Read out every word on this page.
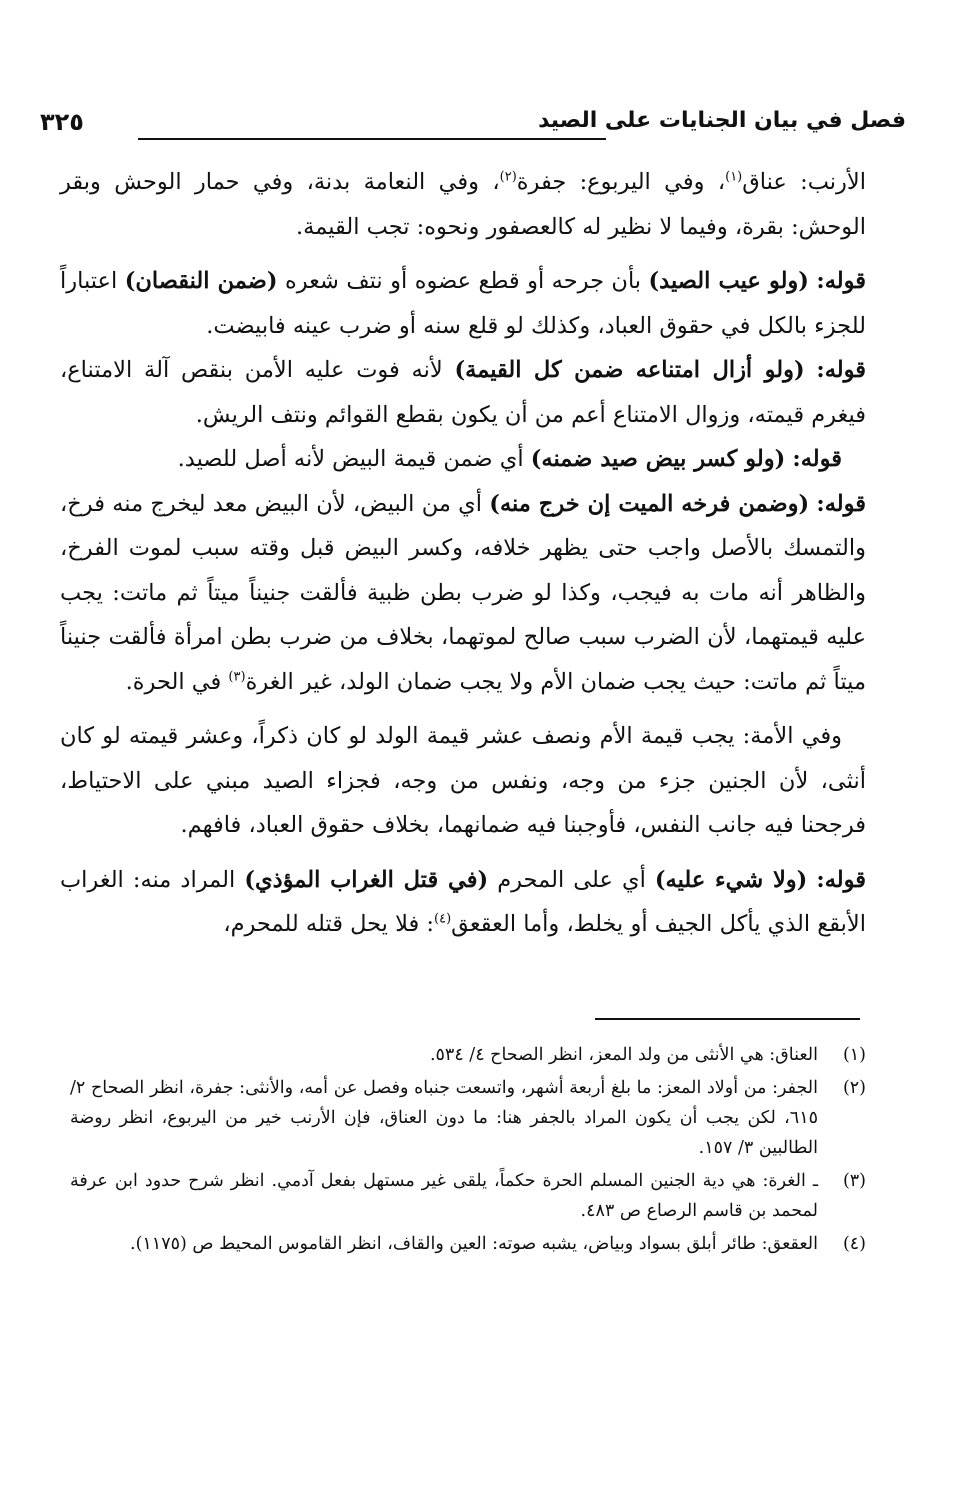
فصل في بيان الجنايات على الصيد
٣٢٥

الأرنب: عناق$^{(١)}$، وفي اليربوع: جفرة$^{(٢)}$، وفي النعامة بدنة، وفي حمار الوحش وبقر الوحش: بقرة، وفيما لا نظير له كالعصفور ونحوه: تجب القيمة.

قوله: (ولو عيب الصيد) بأن جرحه أو قطع عضوه أو نتف شعره (ضمن النقصان) اعتباراً للجزء بالكل في حقوق العباد، وكذلك لو قلع سنه أو ضرب عينه فابيضت.

قوله: (ولو أزال امتناعه ضمن كل القيمة) لأنه فوت عليه الأمن بنقص آلة الامتناع، فيغرم قيمته، وزوال الامتناع أعم من أن يكون بقطع القوائم ونتف الريش.

قوله: (ولو كسر بيض صيد ضمنه) أي ضمن قيمة البيض لأنه أصل للصيد.

قوله: (وضمن فرخه الميت إن خرج منه) أي من البيض، لأن البيض معد ليخرج منه فرخ، والتمسك بالأصل واجب حتى يظهر خلافه، وكسر البيض قبل وقته سبب لموت الفرخ، والظاهر أنه مات به فيجب، وكذا لو ضرب بطن ظبية فألقت جنيناً ميتاً ثم ماتت: يجب عليه قيمتهما، لأن الضرب سبب صالح لموتهما، بخلاف من ضرب بطن امرأة فألقت جنيناً ميتاً ثم ماتت: حيث يجب ضمان الأم ولا يجب ضمان الولد، غير الغرة$^{(٣)}$ في الحرة.

وفي الأمة: يجب قيمة الأم ونصف عشر قيمة الولد لو كان ذكراً، وعشر قيمته لو كان أنثى، لأن الجنين جزء من وجه، ونفس من وجه، فجزاء الصيد مبني على الاحتياط، فرجحنا فيه جانب النفس، فأوجبنا فيه ضمانهما، بخلاف حقوق العباد، فافهم.

قوله: (ولا شيء عليه) أي على المحرم (في قتل الغراب المؤذي) المراد منه: الغراب الأبقع الذي يأكل الجيف أو يخلط، وأما العقعق$^{(٤)}$: فلا يحل قتله للمحرم،

(١)
العناق: هي الأنثى من ولد المعز، انظر الصحاح ٤/ ٥٣٤.
(٢)
الجفر: من أولاد المعز: ما بلغ أربعة أشهر، واتسعت جنباه وفصل عن أمه، والأنثى: جفرة، انظر الصحاح ٢/ ٦١٥، لكن يجب أن يكون المراد بالجفر هنا: ما دون العناق، فإن الأرنب خير من اليربوع، انظر روضة الطالبين ٣/ ١٥٧.
(٣)
ـ الغرة: هي دية الجنين المسلم الحرة حكماً، يلقى غير مستهل بفعل آدمي. انظر شرح حدود ابن عرفة لمحمد بن قاسم الرصاع ص ٤٨٣.
(٤)
العقعق: طائر أبلق بسواد وبياض، يشبه صوته: العين والقاف، انظر القاموس المحيط ص (١١٧٥).
